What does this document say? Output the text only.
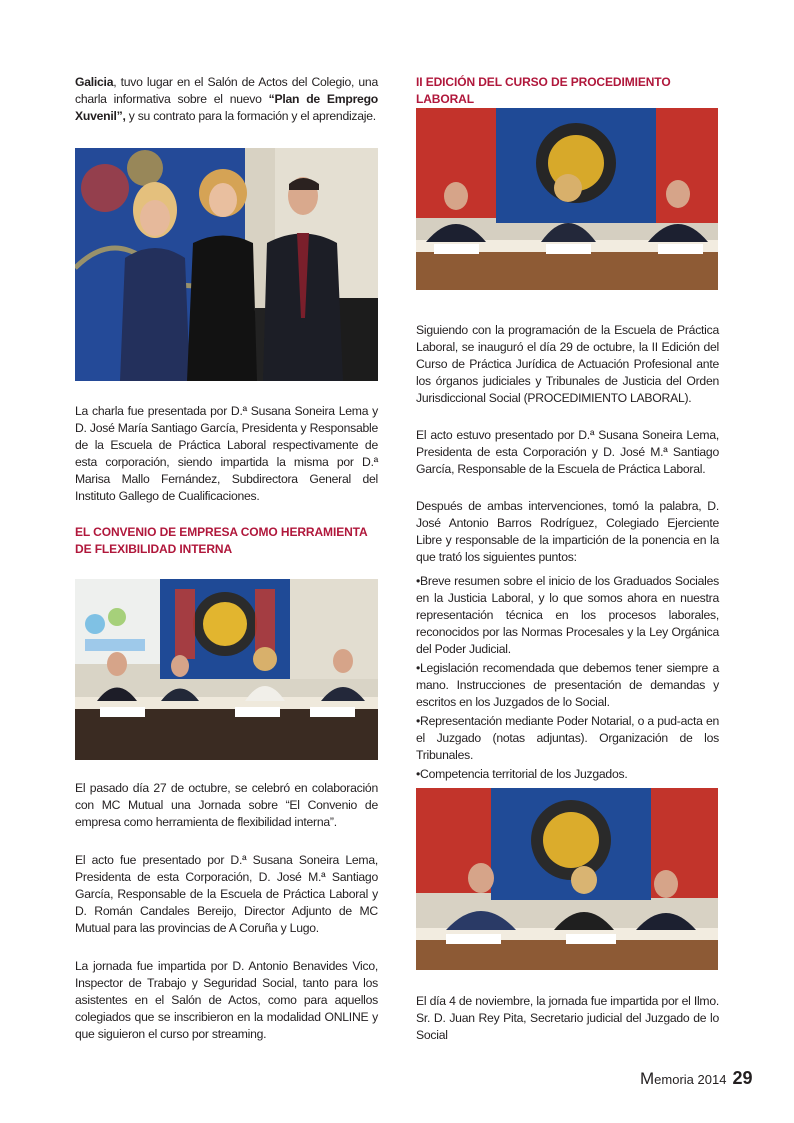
Galicia, tuvo lugar en el Salón de Actos del Colegio, una charla informativa sobre el nuevo “Plan de Emprego Xuvenil”, y su contrato para la formación y el aprendizaje.

La charla fue presentada por D.ª Susana Soneira Lema y D. José María Santiago García, Presidenta y Responsable de la Escuela de Práctica Laboral respectivamente de esta corporación, siendo impartida la misma por D.ª Marisa Mallo Fernández, Subdirectora General del Instituto Gallego de Cualificaciones.

EL CONVENIO DE EMPRESA COMO HERRAMIENTA DE FLEXIBILIDAD INTERNA

El pasado día 27 de octubre, se celebró en colaboración con MC Mutual una Jornada sobre “El Convenio de empresa como herramienta de flexibilidad interna”.

El acto fue presentado por D.ª Susana Soneira Lema, Presidenta de esta Corporación, D. José M.ª Santiago García, Responsable de la Escuela de Práctica Laboral y D. Román Candales Bereijo, Director Adjunto de MC Mutual para las provincias de A Coruña y Lugo.

La jornada fue impartida por D. Antonio Benavides Vico, Inspector de Trabajo y Seguridad Social, tanto para los asistentes en el Salón de Actos, como para aquellos colegiados que se inscribieron en la modalidad ONLINE y que siguieron el curso por streaming.

II EDICIÓN DEL CURSO DE PROCEDIMIENTO LABORAL

Siguiendo con la programación de la Escuela de Práctica Laboral, se inauguró el día 29 de octubre, la II Edición del Curso de Práctica Jurídica de Actuación Profesional ante los órganos judiciales y Tribunales de Justicia del Orden Jurisdiccional Social (PROCEDIMIENTO LABORAL).

El acto estuvo presentado por D.ª Susana Soneira Lema, Presidenta de esta Corporación y D. José M.ª Santiago García, Responsable de la Escuela de Práctica Laboral.

Después de ambas intervenciones, tomó la palabra, D. José Antonio Barros Rodríguez, Colegiado Ejerciente Libre y responsable de la impartición de la ponencia en la que trató los siguientes puntos:

•Breve resumen sobre el inicio de los Graduados Sociales en la Justicia Laboral, y lo que somos ahora en nuestra representación técnica en los procesos laborales, reconocidos por las Normas Procesales y la Ley Orgánica del Poder Judicial.

•Legislación recomendada que debemos tener siempre a mano. Instrucciones de presentación de demandas y escritos en los Juzgados de lo Social.

•Representación mediante Poder Notarial, o a pud-acta en el Juzgado (notas adjuntas). Organización de los Tribunales.

•Competencia territorial de los Juzgados.

El día 4 de noviembre, la jornada fue impartida por el Ilmo. Sr. D. Juan Rey Pita, Secretario judicial del Juzgado de lo Social

Memoria 2014 29
